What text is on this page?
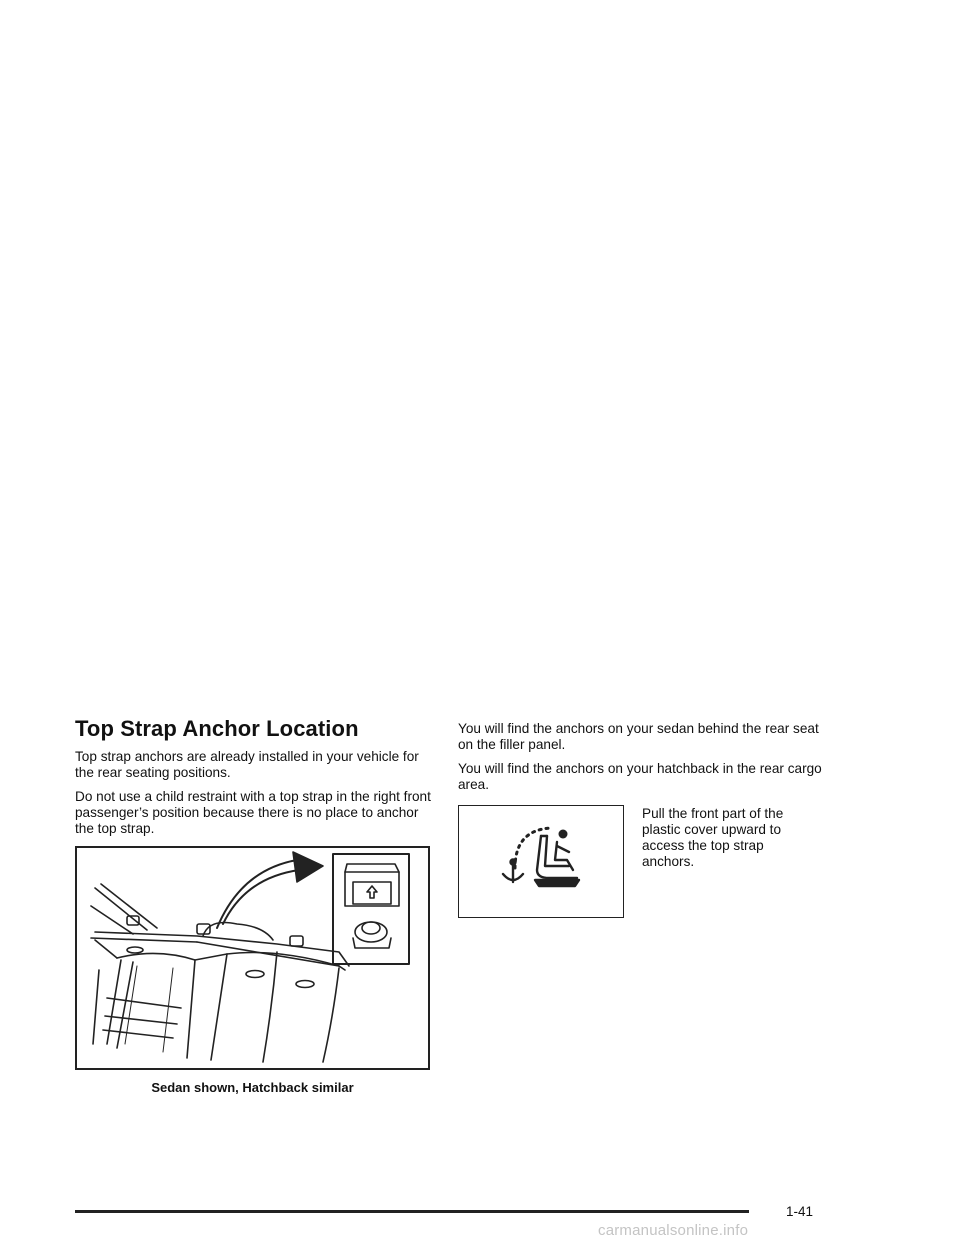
Top Strap Anchor Location

Top strap anchors are already installed in your vehicle for the rear seating positions.

Do not use a child restraint with a top strap in the right front passenger’s position because there is no place to anchor the top strap.

Sedan shown, Hatchback similar

You will find the anchors on your sedan behind the rear seat on the filler panel.

You will find the anchors on your hatchback in the rear cargo area.

Pull the front part of the plastic cover upward to access the top strap anchors.
1-41
carmanualsonline.info
